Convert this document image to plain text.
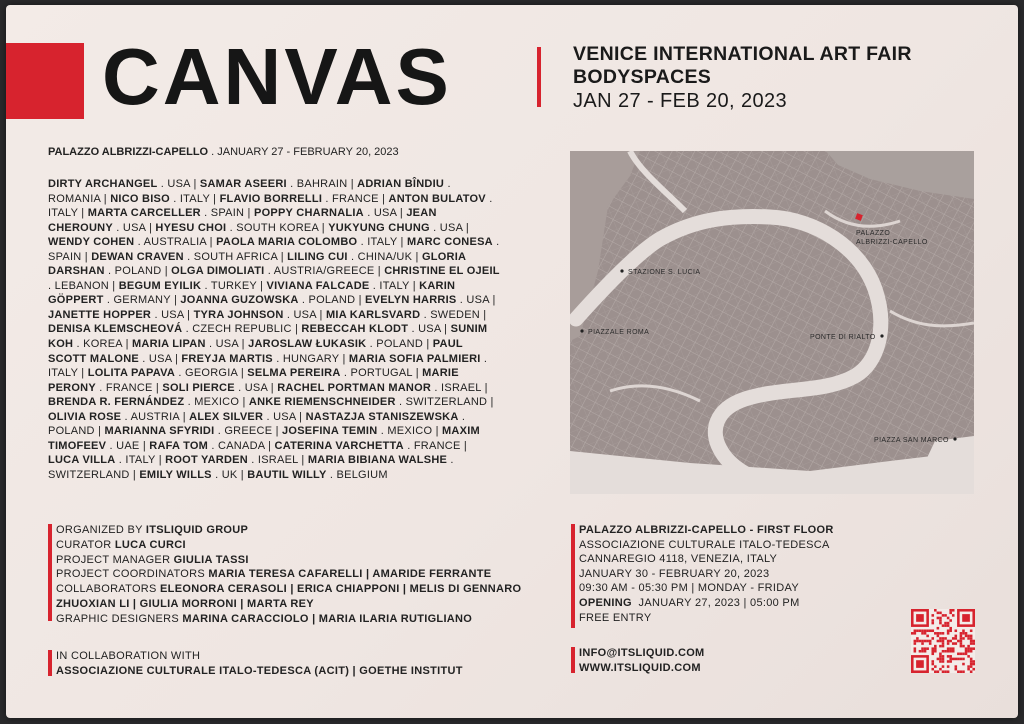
CANVAS	VENICE INTERNATIONAL ART FAIR
BODYSPACES
JAN 27 - FEB 20, 2023
PALAZZO ALBRIZZI-CAPELLO . JANUARY 27 - FEBRUARY 20, 2023
DIRTY ARCHANGEL . USA | SAMAR ASEERI . BAHRAIN | ADRIAN BÎNDIU . ROMANIA | NICO BISO . ITALY | FLAVIO BORRELLI . FRANCE | ANTON BULATOV . ITALY | MARTA CARCELLER . SPAIN | POPPY CHARNALIA . USA | JEAN CHEROUNY . USA | HYESU CHOI . SOUTH KOREA | YUKYUNG CHUNG . USA | WENDY COHEN . AUSTRALIA | PAOLA MARIA COLOMBO . ITALY | MARC CONESA . SPAIN | DEWAN CRAVEN . SOUTH AFRICA | LILING CUI . CHINA/UK | GLORIA DARSHAN . POLAND | OLGA DIMOLIATI . AUSTRIA/GREECE | CHRISTINE EL OJEIL . LEBANON | BEGUM EYILIK . TURKEY | VIVIANA FALCADE . ITALY | KARIN GÖPPERT . GERMANY | JOANNA GUZOWSKA . POLAND | EVELYN HARRIS . USA | JANETTE HOPPER . USA | TYRA JOHNSON . USA | MIA KARLSVARD . SWEDEN | DENISA KLEMSCHEOVÁ . CZECH REPUBLIC | REBECCAH KLODT . USA | SUNIM KOH . KOREA | MARIA LIPAN . USA | JAROSLAW ŁUKASIK . POLAND | PAUL SCOTT MALONE . USA | FREYJA MARTIS . HUNGARY | MARIA SOFIA PALMIERI . ITALY | LOLITA PAPAVA . GEORGIA | SELMA PEREIRA . PORTUGAL | MARIE PERONY . FRANCE | SOLI PIERCE . USA | RACHEL PORTMAN MANOR . ISRAEL | BRENDA R. FERNÁNDEZ . MEXICO | ANKE RIEMENSCHNEIDER . SWITZERLAND | OLIVIA ROSE . AUSTRIA | ALEX SILVER . USA | NASTAZJA STANISZEWSKA . POLAND | MARIANNA SFYRIDI . GREECE | JOSEFINA TEMIN . MEXICO | MAXIM TIMOFEEV . UAE | RAFA TOM . CANADA | CATERINA VARCHETTA . FRANCE | LUCA VILLA . ITALY | ROOT YARDEN . ISRAEL | MARIA BIBIANA WALSHE . SWITZERLAND | EMILY WILLS . UK | BAUTIL WILLY . BELGIUM
PALAZZO
ALBRIZZI-CAPELLO
STAZIONE S. LUCIA
PIAZZALE ROMA
PONTE DI RIALTO
PIAZZA SAN MARCO
ORGANIZED BY ITSLIQUID GROUP
CURATOR LUCA CURCI
PROJECT MANAGER GIULIA TASSI
PROJECT COORDINATORS MARIA TERESA CAFARELLI | AMARIDE FERRANTE
COLLABORATORS ELEONORA CERASOLI | ERICA CHIAPPONI | MELIS DI GENNARO
ZHUOXIAN LI | GIULIA MORRONI | MARTA REY
GRAPHIC DESIGNERS MARINA CARACCIOLO | MARIA ILARIA RUTIGLIANO
IN COLLABORATION WITH
ASSOCIAZIONE CULTURALE ITALO-TEDESCA (ACIT) | GOETHE INSTITUT
PALAZZO ALBRIZZI-CAPELLO - FIRST FLOOR
ASSOCIAZIONE CULTURALE ITALO-TEDESCA
CANNAREGIO 4118, VENEZIA, ITALY
JANUARY 30 - FEBRUARY 20, 2023
09:30 AM - 05:30 PM | MONDAY - FRIDAY
OPENING  JANUARY 27, 2023 | 05:00 PM
FREE ENTRY
INFO@ITSLIQUID.COM
WWW.ITSLIQUID.COM
